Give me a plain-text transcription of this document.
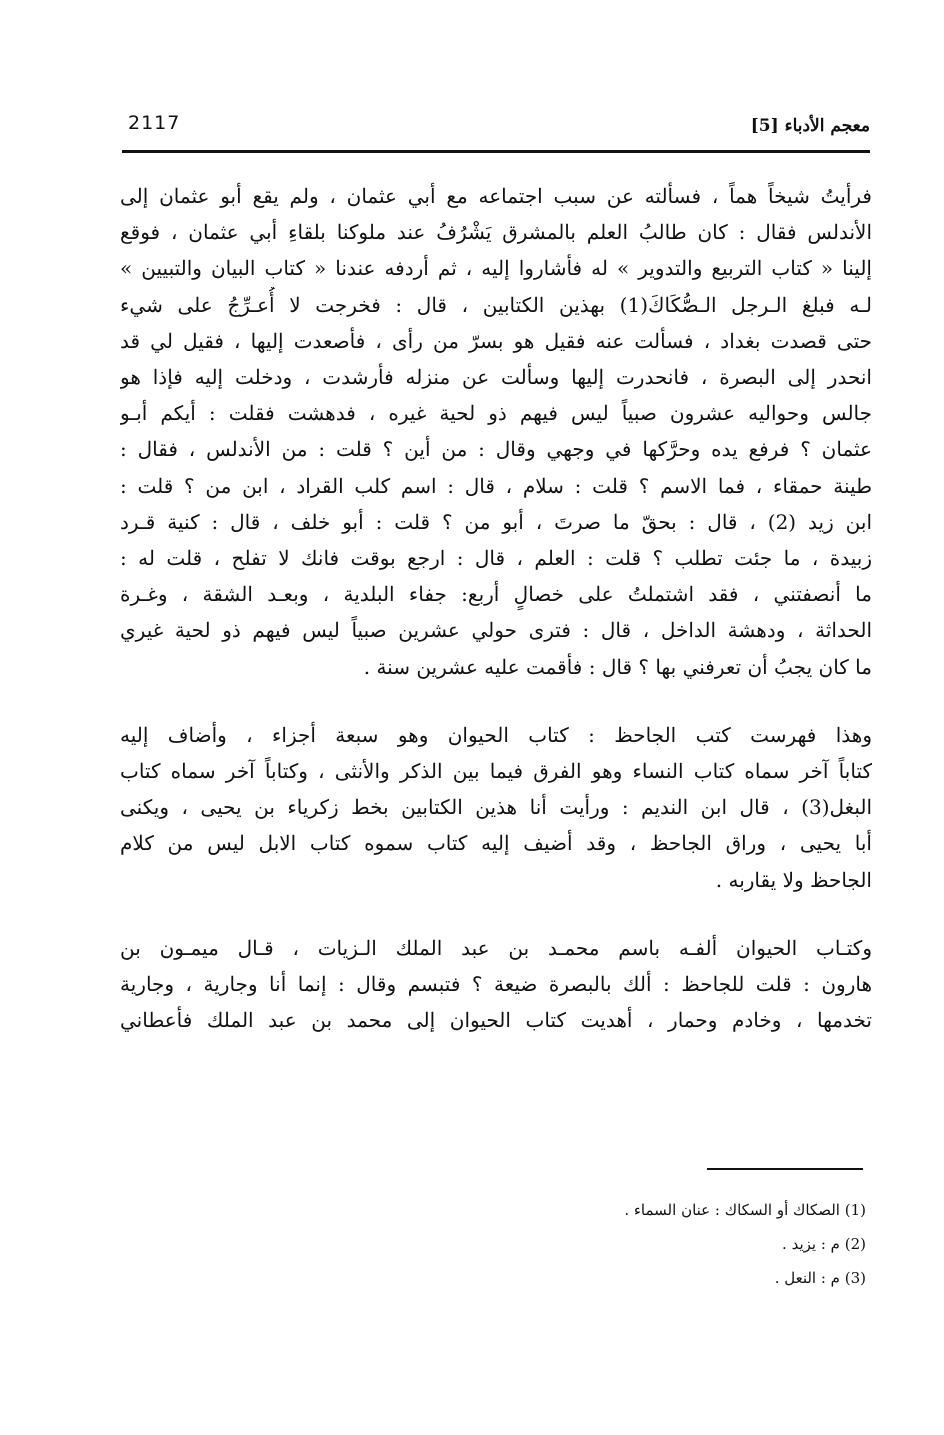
2117	معجم الأدباء [5]
فرأيتُ شيخاً هماً ، فسألته عن سبب اجتماعه مع أبي عثمان ، ولم يقع أبو عثمان إلى
الأندلس فقال : كان طالبُ العلم بالمشرق يَشْرُفُ عند ملوكنا بلقاءِ أبي عثمان ، فوقع
إلينا « كتاب التربيع والتدوير » له فأشاروا إليه ، ثم أردفه عندنا « كتاب البيان والتبيين »
لـه فبلغ الـرجل الـصُّكَاكَ(1) بهذين الكتابين ، قال : فخرجت لا أُعـرِّجُ على شيء
حتى قصدت بغداد ، فسألت عنه فقيل هو بسرّ من رأى ، فأصعدت إليها ، فقيل لي قد
انحدر إلى البصرة ، فانحدرت إليها وسألت عن منزله فأرشدت ، ودخلت إليه فإذا هو
جالس وحواليه عشرون صبياً ليس فيهم ذو لحية غيره ، فدهشت فقلت : أيكم أبـو
عثمان ؟ فرفع يده وحرَّكها في وجهي وقال : من أين ؟ قلت : من الأندلس ، فقال :
طينة حمقاء ، فما الاسم ؟ قلت : سلام ، قال : اسم كلب القراد ، ابن من ؟ قلت :
ابن زيد (2) ، قال : بحقّ ما صرتَ ، أبو من ؟ قلت : أبو خلف ، قال : كنية قـرد
زبيدة ، ما جئت تطلب ؟ قلت : العلم ، قال : ارجع بوقت فانك لا تفلح ، قلت له :
ما أنصفتني ، فقد اشتملتُ على خصالٍ أربع: جفاء البلدية ، وبعـد الشقة ، وغـرة
الحداثة ، ودهشة الداخل ، قال : فترى حولي عشرين صبياً ليس فيهم ذو لحية غيري
ما كان يجبُ أن تعرفني بها ؟ قال : فأقمت عليه عشرين سنة .
وهذا فهرست كتب الجاحظ : كتاب الحيوان وهو سبعة أجزاء ، وأضاف إليه
كتاباً آخر سماه كتاب النساء وهو الفرق فيما بين الذكر والأنثى ، وكتاباً آخر سماه كتاب
البغل(3) ، قال ابن النديم : ورأيت أنا هذين الكتابين بخط زكرياء بن يحيى ، ويكنى
أبا يحيى ، وراق الجاحظ ، وقد أضيف إليه كتاب سموه كتاب الابل ليس من كلام
الجاحظ ولا يقاربه .
وكتـاب الحيوان ألفـه باسم محمـد بن عبد الملك الـزيات ، قـال ميمـون بن
هارون : قلت للجاحظ : ألك بالبصرة ضيعة ؟ فتبسم وقال : إنما أنا وجارية ، وجارية
تخدمها ، وخادم وحمار ، أهديت كتاب الحيوان إلى محمد بن عبد الملك فأعطاني
(1) الصكاك أو السكاك : عنان السماء .
(2) م : يزيد .
(3) م : النعل .
